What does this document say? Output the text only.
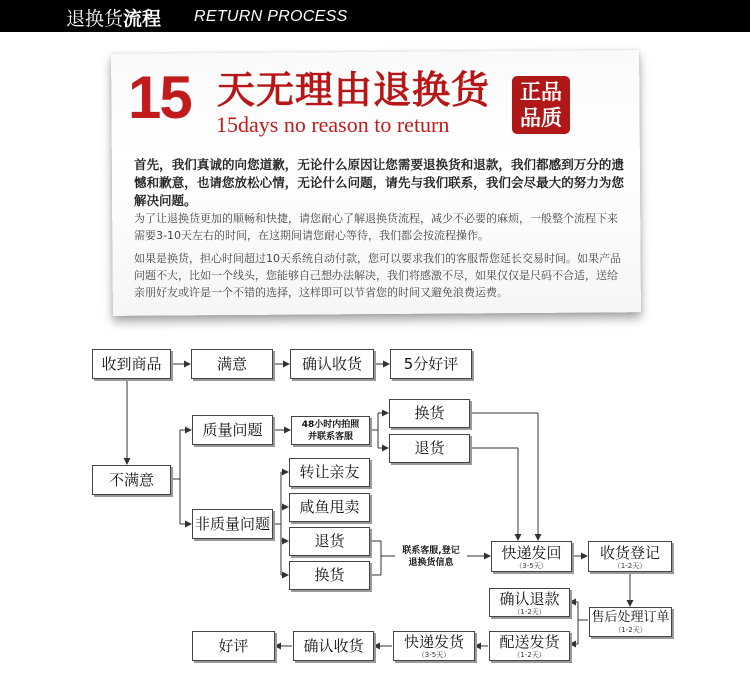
退换货流程 RETURN PROCESS
15 天无理由退换货
15days no reason to return
正品
品质
首先，我们真诚的向您道歉，无论什么原因让您需要退换货和退款，我们都感到万分的遗憾和歉意，也请您放松心情，无论什么问题，请先与我们联系，我们会尽最大的努力为您解决问题。
为了让退换货更加的顺畅和快捷，请您耐心了解退换货流程，减少不必要的麻烦，一般整个流程下来需要3-10天左右的时间，在这期间请您耐心等待，我们都会按流程操作。
如果是换货，担心时间超过10天系统自动付款，您可以要求我们的客服帮您延长交易时间。如果产品问题不大，比如一个线头，您能够自己想办法解决，我们将感激不尽，如果仅仅是尺码不合适，送给亲朋好友或许是一个不错的选择，这样即可以节省您的时间又避免浪费运费。
收到商品	满意	确认收货	5分好评
不满意
质量问题
非质量问题
48小时内拍照
并联系客服
换货
退货
转让亲友
咸鱼甩卖
退货
换货
联系客服,登记
退换货信息
快递发回
（3-5天）
收货登记
（1-2天）
确认退款
（1-2天）	售后处理订单
（1-2天）
配送发货
（1-2天）
快递发货
（3-5天）
确认收货
好评
